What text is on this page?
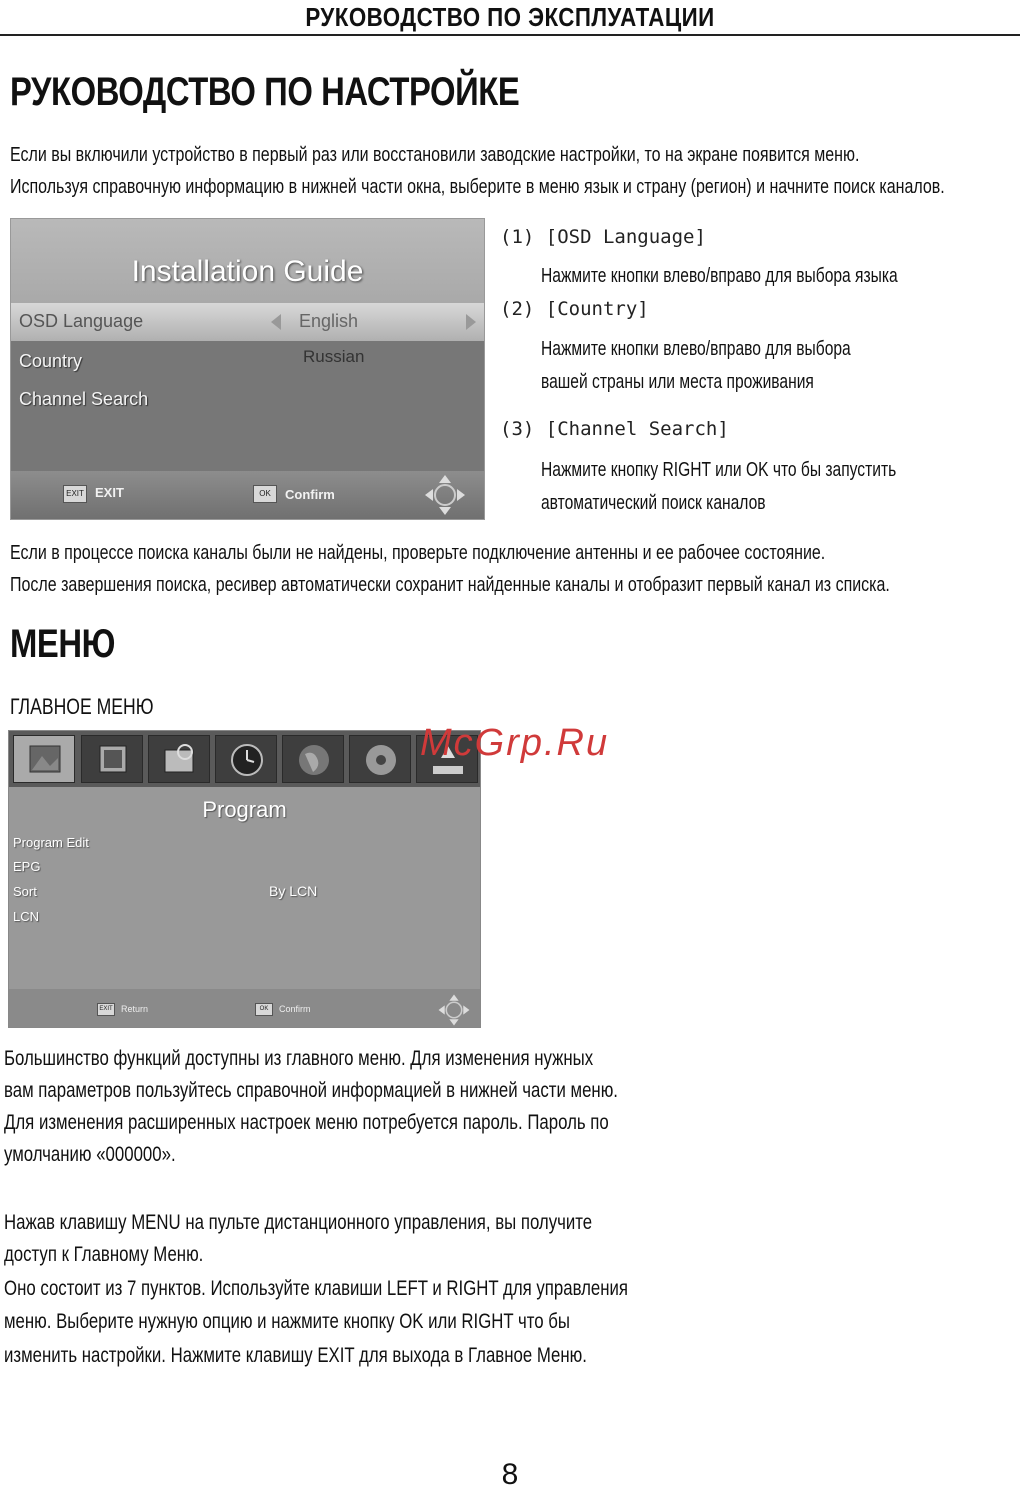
РУКОВОДСТВО ПО ЭКСПЛУАТАЦИИ
РУКОВОДСТВО ПО НАСТРОЙКЕ
Если вы включили устройство в первый раз или восстановили заводские настройки, то на экране появится меню.
Используя справочную информацию в нижней части окна, выберите в меню язык и страну (регион) и начните поиск каналов.
Installation Guide
OSD Language	English
Country	Russian
Channel Search
EXIT EXIT	OK	Confirm
(1) [OSD Language]
Нажмите кнопки влево/вправо для выбора языка
(2) [Country]
Нажмите кнопки влево/вправо для выбора
вашей страны или места проживания
(3) [Channel Search]
Нажмите кнопку RIGHT или OK что бы запустить
автоматический поиск каналов
Если в процессе поиска каналы были не найдены, проверьте подключение антенны и ее рабочее состояние.
После завершения поиска, ресивер автоматически сохранит найденные каналы и отобразит первый канал из списка.
МЕНЮ
ГЛАВНОЕ МЕНЮ
Program
Program Edit
EPG
Sort	By LCN
LCN
EXIT Return	OK	Confirm
McGrp.Ru
Большинство функций доступны из главного меню. Для изменения нужных
вам параметров пользуйтесь справочной информацией в нижней части меню.
Для изменения расширенных настроек меню потребуется пароль. Пароль по
умолчанию «000000».
Нажав клавишу MENU на пульте дистанционного управления, вы получите
доступ к Главному Меню.
Оно состоит из 7 пунктов. Используйте клавиши LEFT и RIGHT для управления
меню. Выберите нужную опцию и нажмите кнопку OK или RIGHT что бы
изменить настройки. Нажмите клавишу EXIT для выхода в Главное Меню.
8
